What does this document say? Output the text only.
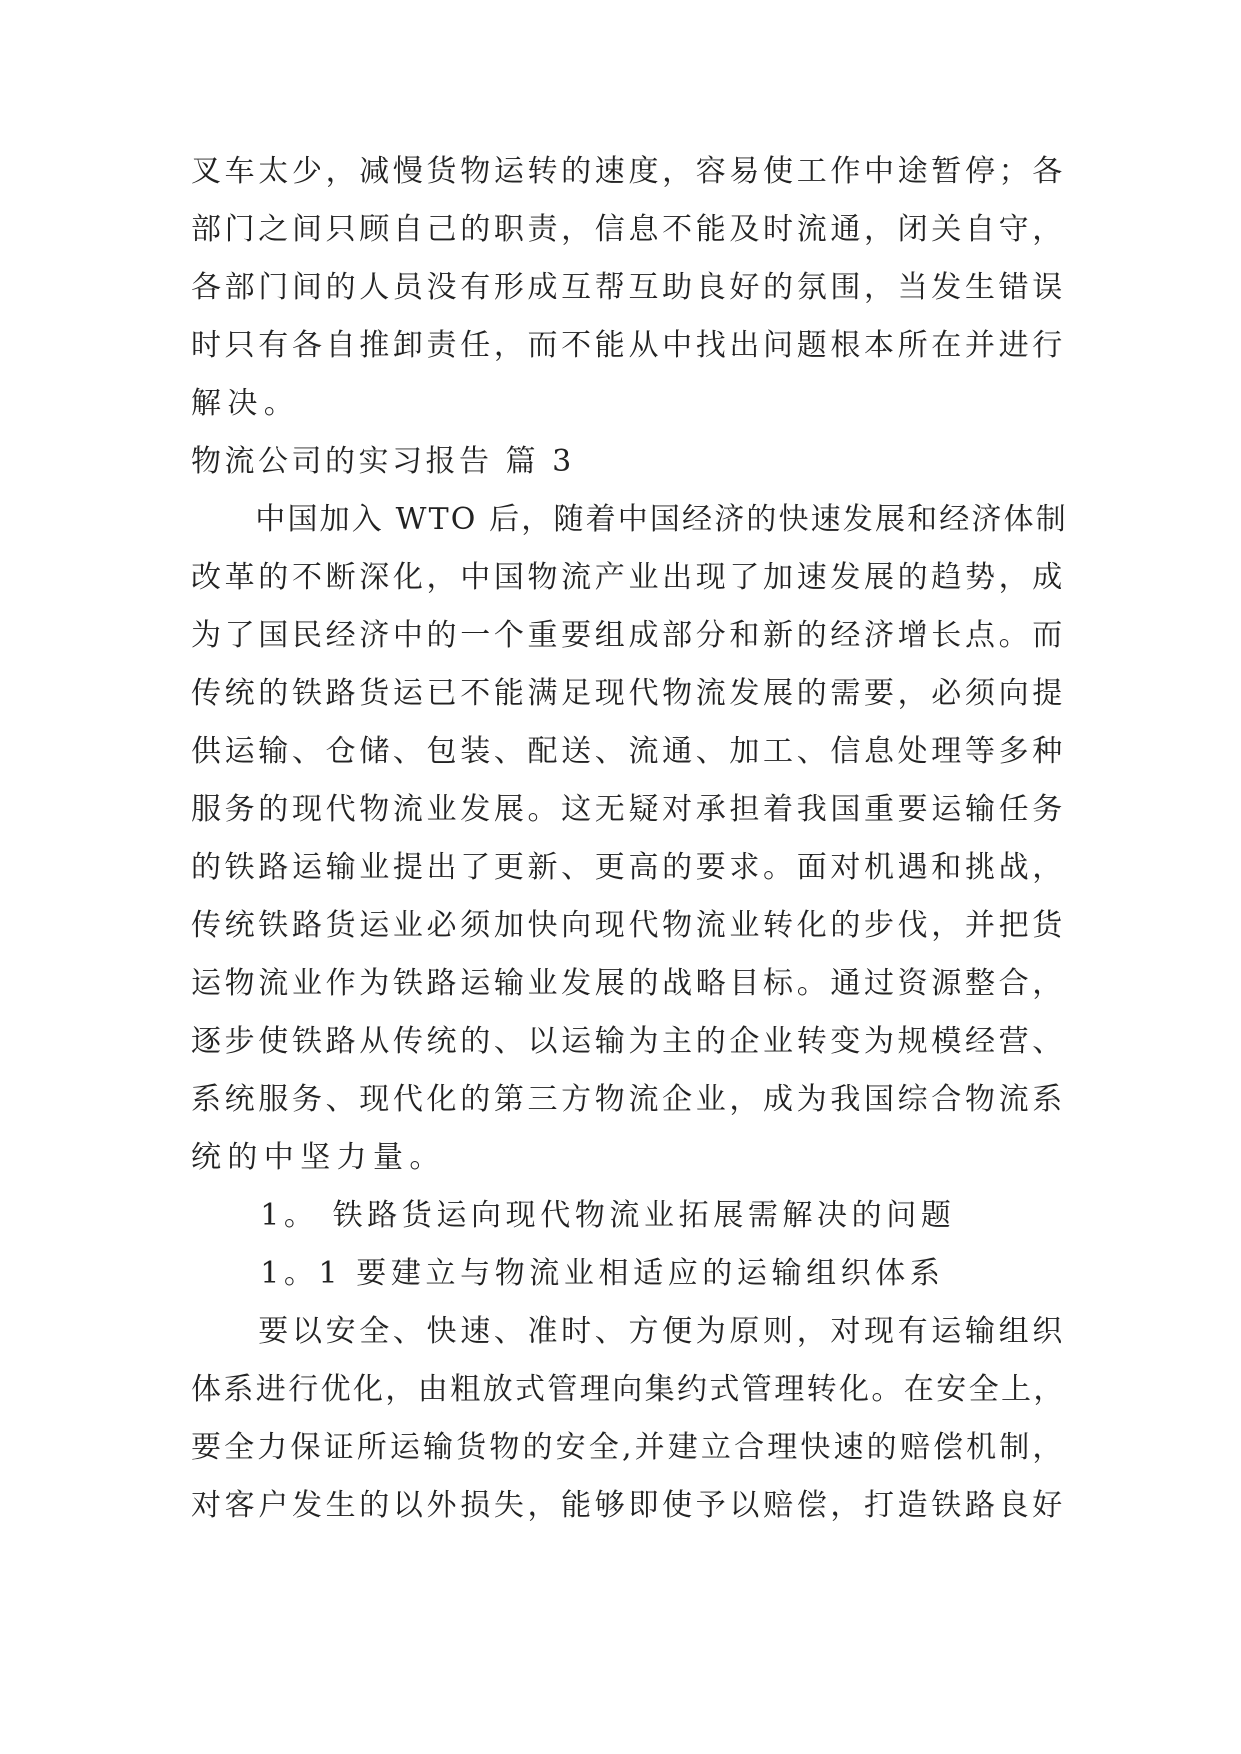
叉车太少，减慢货物运转的速度，容易使工作中途暂停；各

部门之间只顾自己的职责，信息不能及时流通，闭关自守，

各部门间的人员没有形成互帮互助良好的氛围，当发生错误

时只有各自推卸责任，而不能从中找出问题根本所在并进行

解决。

物流公司的实习报告 篇 3

　　中国加入 WTO 后，随着中国经济的快速发展和经济体制

改革的不断深化，中国物流产业出现了加速发展的趋势，成

为了国民经济中的一个重要组成部分和新的经济增长点。而

传统的铁路货运已不能满足现代物流发展的需要，必须向提

供运输、仓储、包装、配送、流通、加工、信息处理等多种

服务的现代物流业发展。这无疑对承担着我国重要运输任务

的铁路运输业提出了更新、更高的要求。面对机遇和挑战，

传统铁路货运业必须加快向现代物流业转化的步伐，并把货

运物流业作为铁路运输业发展的战略目标。通过资源整合，

逐步使铁路从传统的、以运输为主的企业转变为规模经营、

系统服务、现代化的第三方物流企业，成为我国综合物流系

统的中坚力量。

　　1。 铁路货运向现代物流业拓展需解决的问题

　　1。1 要建立与物流业相适应的运输组织体系

　　要以安全、快速、准时、方便为原则，对现有运输组织

体系进行优化，由粗放式管理向集约式管理转化。在安全上，

要全力保证所运输货物的安全,并建立合理快速的赔偿机制，

对客户发生的以外损失，能够即使予以赔偿，打造铁路良好
